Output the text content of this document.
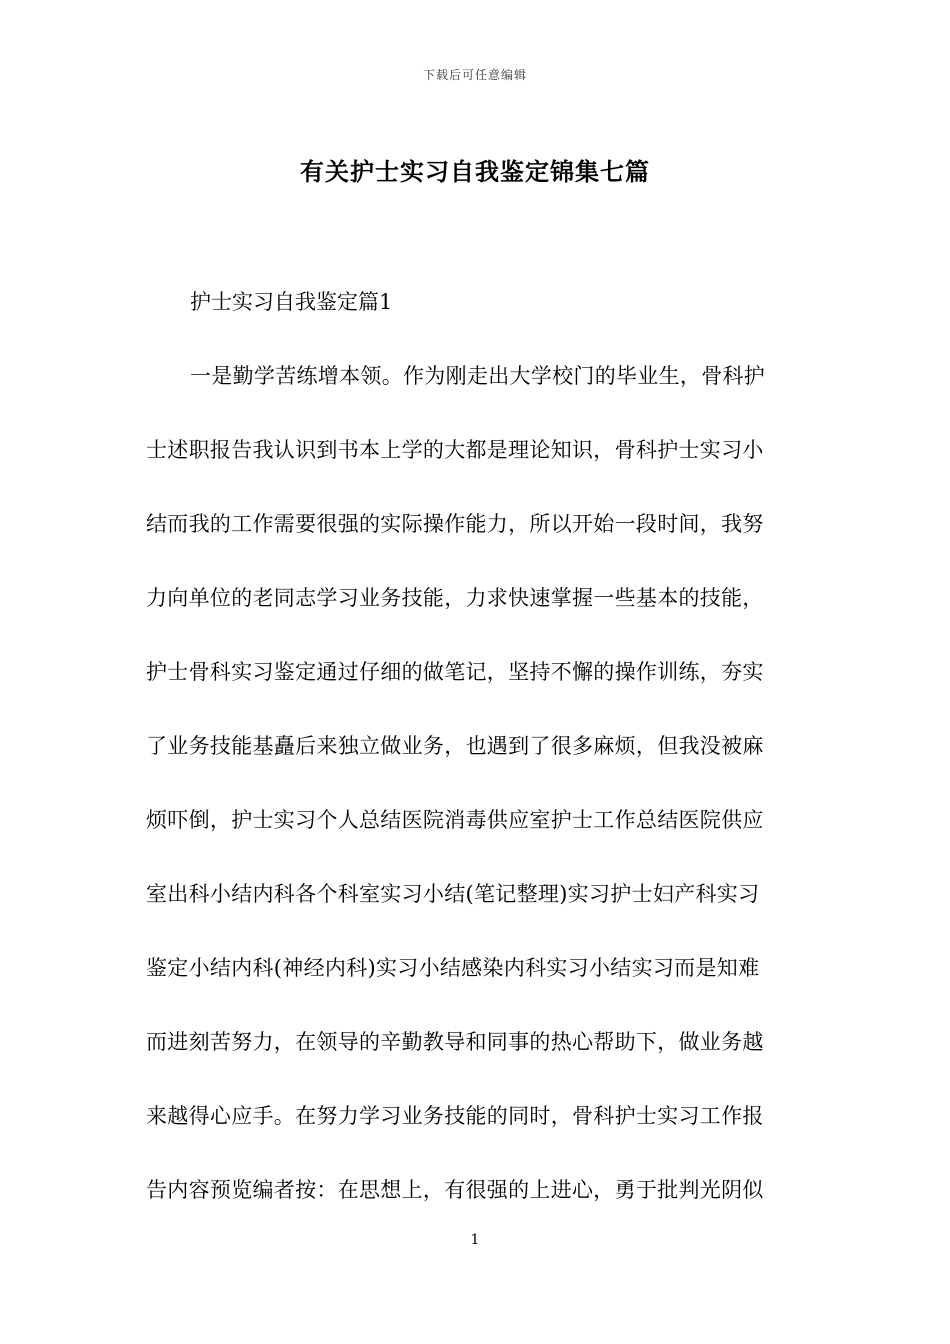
下载后可任意编辑
有关护士实习自我鉴定锦集七篇
护士实习自我鉴定篇1
一是勤学苦练增本领。作为刚走出大学校门的毕业生，骨科护
士述职报告我认识到书本上学的大都是理论知识，骨科护士实习小
结而我的工作需要很强的实际操作能力，所以开始一段时间，我努
力向单位的老同志学习业务技能，力求快速掌握一些基本的技能，
护士骨科实习鉴定通过仔细的做笔记，坚持不懈的操作训练，夯实
了业务技能基矗后来独立做业务，也遇到了很多麻烦，但我没被麻
烦吓倒，护士实习个人总结医院消毒供应室护士工作总结医院供应
室出科小结内科各个科室实习小结(笔记整理)实习护士妇产科实习
鉴定小结内科(神经内科)实习小结感染内科实习小结实习而是知难
而进刻苦努力，在领导的辛勤教导和同事的热心帮助下，做业务越
来越得心应手。在努力学习业务技能的同时，骨科护士实习工作报
告内容预览编者按：在思想上，有很强的上进心，勇于批判光阴似
1
